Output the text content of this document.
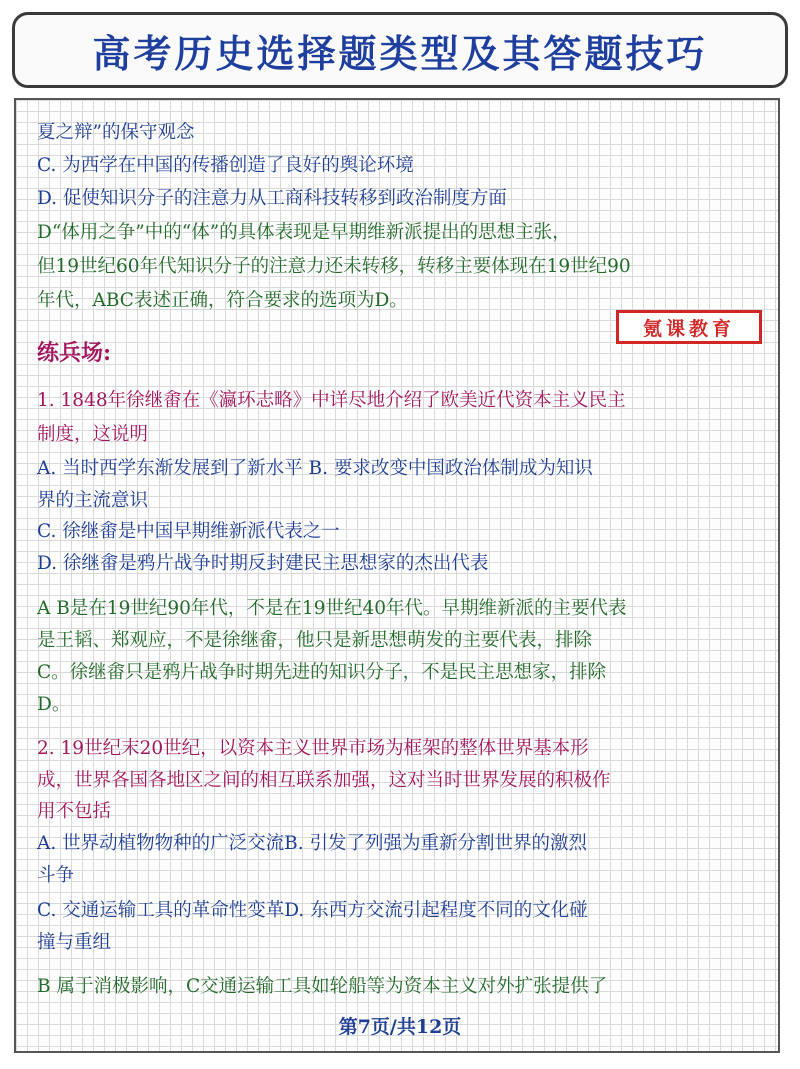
高考历史选择题类型及其答题技巧
夏之辩”的保守观念
C. 为西学在中国的传播创造了良好的舆论环境
D. 促使知识分子的注意力从工商科技转移到政治制度方面
D“体用之争”中的“体”的具体表现是早期维新派提出的思想主张，
但19世纪60年代知识分子的注意力还未转移，转移主要体现在19世纪90
年代，ABC表述正确，符合要求的选项为D。
氪课教育
练兵场:
1. 1848年徐继畬在《瀛环志略》中详尽地介绍了欧美近代资本主义民主
制度，这说明
A. 当时西学东渐发展到了新水平 B. 要求改变中国政治体制成为知识
界的主流意识
C. 徐继畬是中国早期维新派代表之一
D. 徐继畬是鸦片战争时期反封建民主思想家的杰出代表
A B是在19世纪90年代，不是在19世纪40年代。早期维新派的主要代表
是王韬、郑观应，不是徐继畬，他只是新思想萌发的主要代表，排除
C。徐继畬只是鸦片战争时期先进的知识分子，不是民主思想家，排除
D。
2. 19世纪末20世纪，以资本主义世界市场为框架的整体世界基本形
成，世界各国各地区之间的相互联系加强，这对当时世界发展的积极作
用不包括
A. 世界动植物物种的广泛交流B. 引发了列强为重新分割世界的激烈
斗争
C. 交通运输工具的革命性变革D. 东西方交流引起程度不同的文化碰
撞与重组
B 属于消极影响，C交通运输工具如轮船等为资本主义对外扩张提供了
第7页/共12页
